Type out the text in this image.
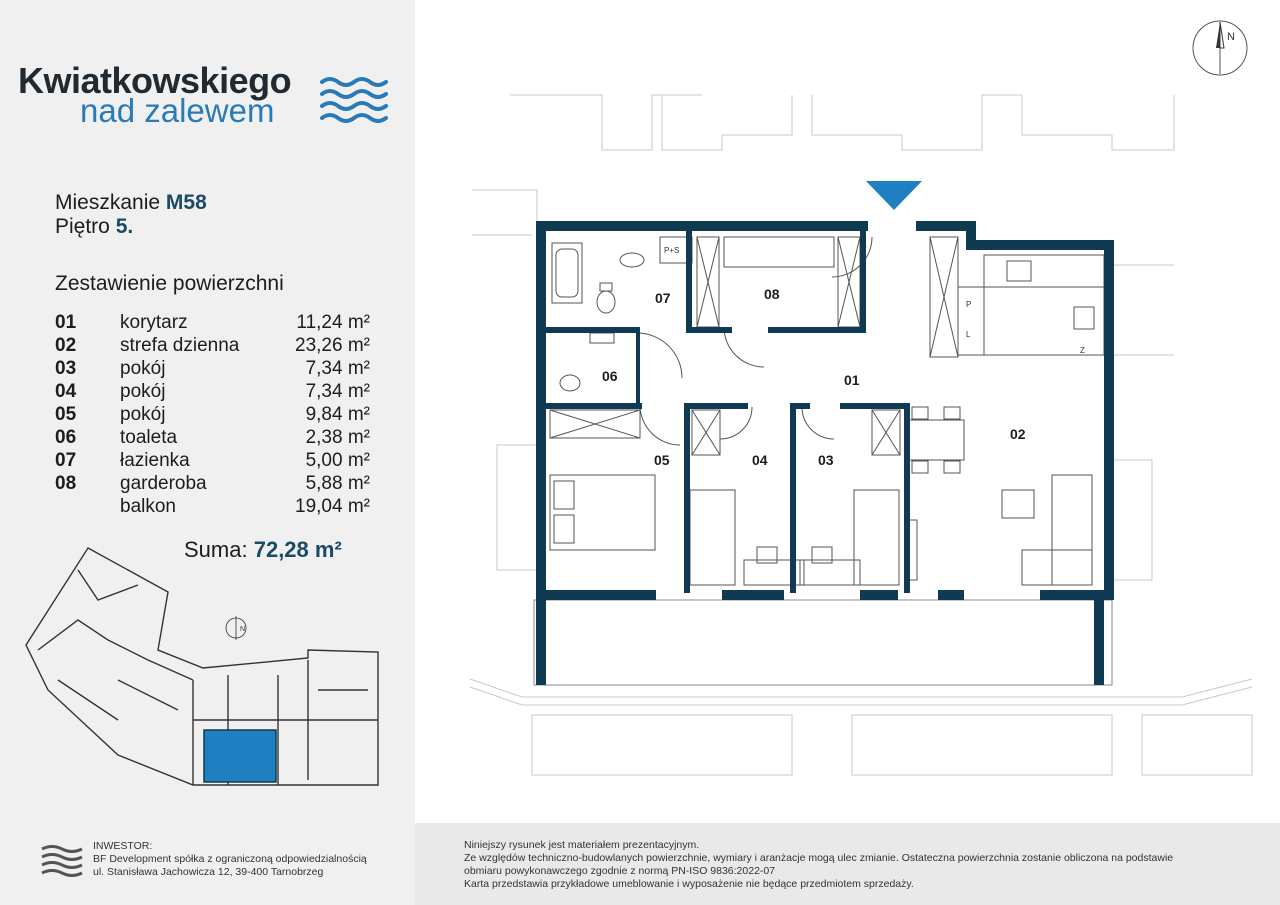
Kwiatkowskiego
nad zalewem
Mieszkanie M58
Piętro 5.
Zestawienie powierzchni
01 korytarz	11,24 m²
02 strefa dzienna	23,26 m²
03 pokój	7,34 m²
04 pokój	7,34 m²
05 pokój	9,84 m²
06 toaleta	2,38 m²
07 łazienka	5,00 m²
08 garderoba	5,88 m²
balkon	19,04 m²
Suma: 72,28 m²
N
P+S
P
L
Z
01
02
03
04
05
06
07	08
N
INWESTOR:
BF Development spółka z ograniczoną odpowiedzialnością
ul. Stanisława Jachowicza 12, 39-400 Tarnobrzeg
Niniejszy rysunek jest materiałem prezentacyjnym.
Ze względów techniczno-budowlanych powierzchnie, wymiary i aranżacje mogą ulec zmianie. Ostateczna powierzchnia zostanie obliczona na podstawie
obmiaru powykonawczego zgodnie z normą PN-ISO 9836:2022-07
Karta przedstawia przykładowe umeblowanie i wyposażenie nie będące przedmiotem sprzedaży.
